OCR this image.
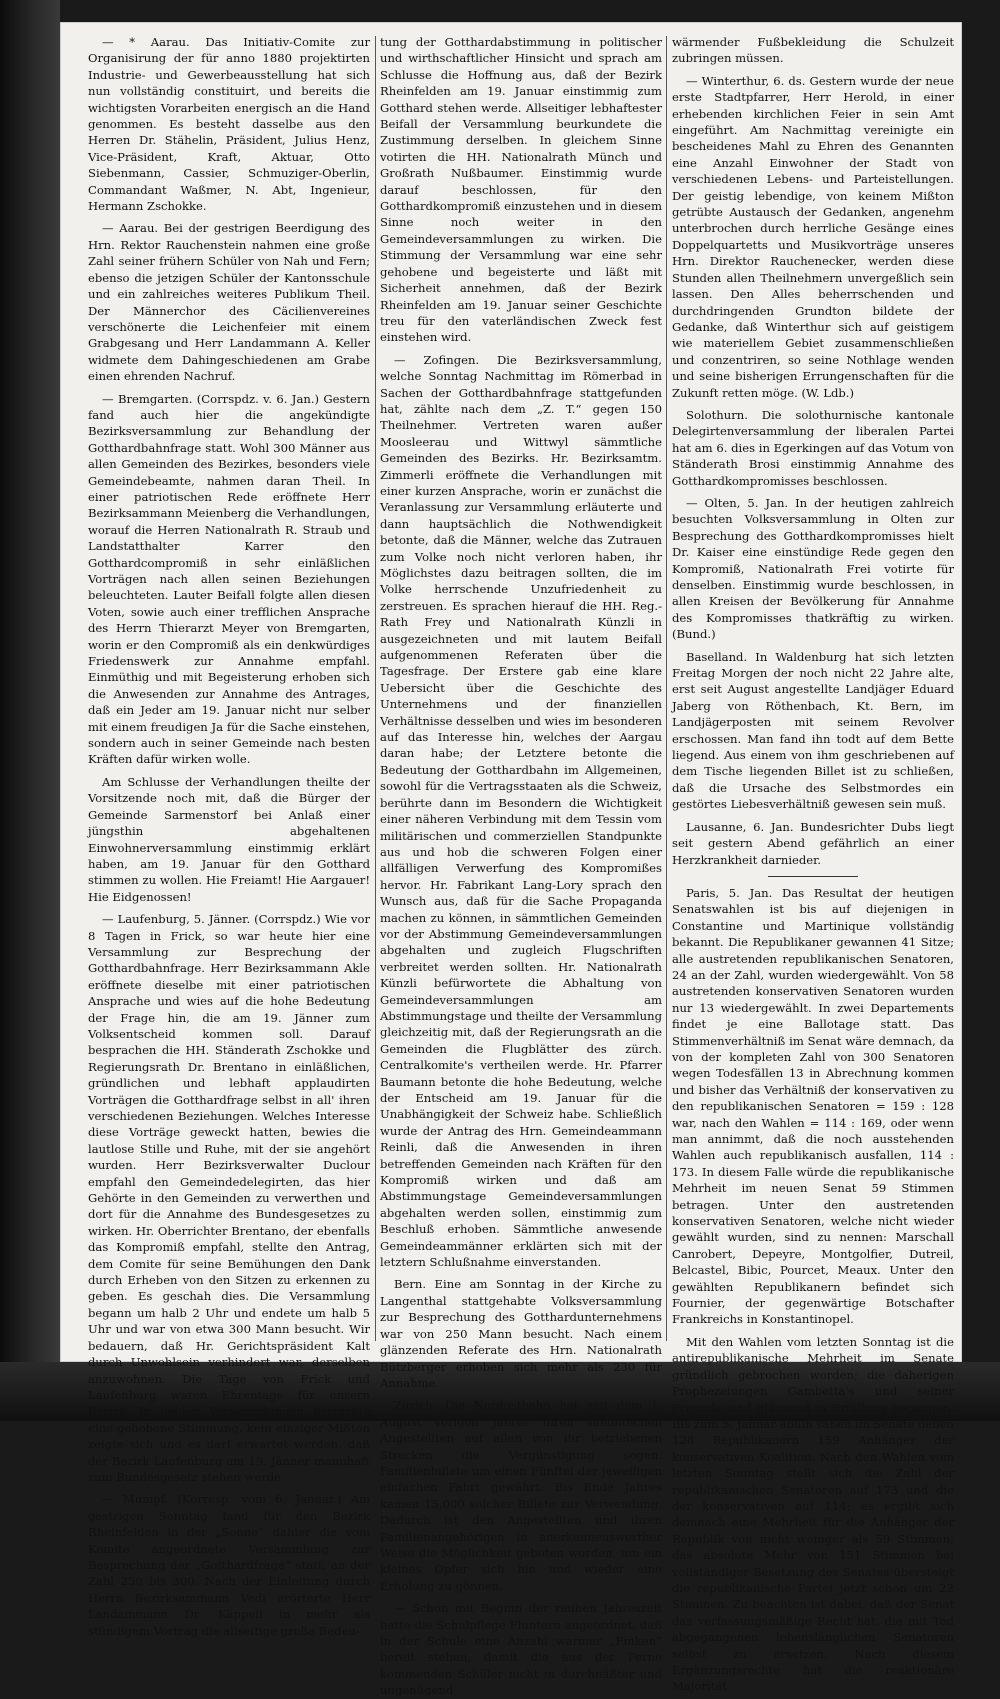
— * Aarau. Das Initiativ-Comite zur Organisirung der für anno 1880 projektirten Industrie- und Gewerbeausstellung hat sich nun vollständig constituirt, und bereits die wichtigsten Vorarbeiten energisch an die Hand genommen. Es besteht dasselbe aus den Herren Dr. Stähelin, Präsident, Julius Henz, Vice-Präsident, Kraft, Aktuar, Otto Siebenmann, Cassier, Schmuziger-Oberlin, Commandant Waßmer, N. Abt, Ingenieur, Hermann Zschokke.

— Aarau. Bei der gestrigen Beerdigung des Hrn. Rektor Rauchenstein nahmen eine große Zahl seiner frühern Schüler von Nah und Fern; ebenso die jetzigen Schüler der Kantonsschule und ein zahlreiches weiteres Publikum Theil. Der Männerchor des Cäcilienvereines verschönerte die Leichenfeier mit einem Grabgesang und Herr Landammann A. Keller widmete dem Dahingeschiedenen am Grabe einen ehrenden Nachruf.

— Bremgarten. (Corrspdz. v. 6. Jan.) Gestern fand auch hier die angekündigte Bezirksversammlung zur Behandlung der Gotthardbahnfrage statt. Wohl 300 Männer aus allen Gemeinden des Bezirkes, besonders viele Gemeindebeamte, nahmen daran Theil. In einer patriotischen Rede eröffnete Herr Bezirksammann Meienberg die Verhandlungen, worauf die Herren Nationalrath R. Straub und Landstatthalter Karrer den Gotthardcompromiß in sehr einläßlichen Vorträgen nach allen seinen Beziehungen beleuchteten. Lauter Beifall folgte allen diesen Voten, sowie auch einer trefflichen Ansprache des Herrn Thierarzt Meyer von Bremgarten, worin er den Compromiß als ein denkwürdiges Friedenswerk zur Annahme empfahl. Einmüthig und mit Begeisterung erhoben sich die Anwesenden zur Annahme des Antrages, daß ein Jeder am 19. Januar nicht nur selber mit einem freudigen Ja für die Sache einstehen, sondern auch in seiner Gemeinde nach besten Kräften dafür wirken wolle.

Am Schlusse der Verhandlungen theilte der Vorsitzende noch mit, daß die Bürger der Gemeinde Sarmenstorf bei Anlaß einer jüngsthin abgehaltenen Einwohnerversammlung einstimmig erklärt haben, am 19. Januar für den Gotthard stimmen zu wollen. Hie Freiamt! Hie Aargauer! Hie Eidgenossen!

— Laufenburg, 5. Jänner. (Corrspdz.) Wie vor 8 Tagen in Frick, so war heute hier eine Versammlung zur Besprechung der Gotthardbahnfrage. Herr Bezirksammann Akle eröffnete dieselbe mit einer patriotischen Ansprache und wies auf die hohe Bedeutung der Frage hin, die am 19. Jänner zum Volksentscheid kommen soll. Darauf besprachen die HH. Ständerath Zschokke und Regierungsrath Dr. Brentano in einläßlichen, gründlichen und lebhaft applaudirten Vorträgen die Gotthardfrage selbst in all' ihren verschiedenen Beziehungen. Welches Interesse diese Vorträge geweckt hatten, bewies die lautlose Stille und Ruhe, mit der sie angehört wurden. Herr Bezirksverwalter Duclour empfahl den Gemeindedelegirten, das hier Gehörte in den Gemeinden zu verwerthen und dort für die Annahme des Bundesgesetzes zu wirken. Hr. Oberrichter Brentano, der ebenfalls das Kompromiß empfahl, stellte den Antrag, dem Comite für seine Bemühungen den Dank durch Erheben von den Sitzen zu erkennen zu geben. Es geschah dies. Die Versammlung begann um halb 2 Uhr und endete um halb 5 Uhr und war von etwa 300 Mann besucht. Wir bedauern, daß Hr. Gerichtspräsident Kalt durch Unwohlsein verhindert war, derselben anzuwohnen. Die Tage von Frick und Laufenburg waren Ehrentage für unsern Bezirk. In beiden Versammlungen herrschte eine gehobene Stimmung, kein einziger Mißton zeigte sich und es darf erwartet werden, daß der Bezirk Laufenburg am 19. Jänner mannhaft zum Bundesgesetz stehen werde.

— Mumpf. (Korresp. vom 6. Januar.) Am gestrigen Sonntag fand für den Bezirk Rheinfelden in der „Sonne“ dahier die vom Komite angeordnete Versammlung zur Besprechung der „Gotthardfrage“ statt, an der Zahl 250 bis 300. Nach der Einleitung durch Herrn Bezirksammann Vedi erörterte Herr Landammann Dr. Käppeli in mehr als stündigem Vortrag die allseitige große Bedeu-

tung der Gotthardabstimmung in politischer und wirthschaftlicher Hinsicht und sprach am Schlusse die Hoffnung aus, daß der Bezirk Rheinfelden am 19. Januar einstimmig zum Gotthard stehen werde. Allseitiger lebhaftester Beifall der Versammlung beurkundete die Zustimmung derselben. In gleichem Sinne votirten die HH. Nationalrath Münch und Großrath Nußbaumer. Einstimmig wurde darauf beschlossen, für den Gotthardkompromiß einzustehen und in diesem Sinne noch weiter in den Gemeindeversammlungen zu wirken. Die Stimmung der Versammlung war eine sehr gehobene und begeisterte und läßt mit Sicherheit annehmen, daß der Bezirk Rheinfelden am 19. Januar seiner Geschichte treu für den vaterländischen Zweck fest einstehen wird.

— Zofingen. Die Bezirksversammlung, welche Sonntag Nachmittag im Römerbad in Sachen der Gotthardbahnfrage stattgefunden hat, zählte nach dem „Z. T.“ gegen 150 Theilnehmer. Vertreten waren außer Moosleerau und Wittwyl sämmtliche Gemeinden des Bezirks. Hr. Bezirksamtm. Zimmerli eröffnete die Verhandlungen mit einer kurzen Ansprache, worin er zunächst die Veranlassung zur Versammlung erläuterte und dann hauptsächlich die Nothwendigkeit betonte, daß die Männer, welche das Zutrauen zum Volke noch nicht verloren haben, ihr Möglichstes dazu beitragen sollten, die im Volke herrschende Unzufriedenheit zu zerstreuen. Es sprachen hierauf die HH. Reg.-Rath Frey und Nationalrath Künzli in ausgezeichneten und mit lautem Beifall aufgenommenen Referaten über die Tagesfrage. Der Erstere gab eine klare Uebersicht über die Geschichte des Unternehmens und der finanziellen Verhältnisse desselben und wies im besonderen auf das Interesse hin, welches der Aargau daran habe; der Letztere betonte die Bedeutung der Gotthardbahn im Allgemeinen, sowohl für die Vertragsstaaten als die Schweiz, berührte dann im Besondern die Wichtigkeit einer näheren Verbindung mit dem Tessin vom militärischen und commerziellen Standpunkte aus und hob die schweren Folgen einer allfälligen Verwerfung des Kompromißes hervor. Hr. Fabrikant Lang-Lory sprach den Wunsch aus, daß für die Sache Propaganda machen zu können, in sämmtlichen Gemeinden vor der Abstimmung Gemeindeversammlungen abgehalten und zugleich Flugschriften verbreitet werden sollten. Hr. Nationalrath Künzli befürwortete die Abhaltung von Gemeindeversammlungen am Abstimmungstage und theilte der Versammlung gleichzeitig mit, daß der Regierungsrath an die Gemeinden die Flugblätter des zürch. Centralkomite's vertheilen werde. Hr. Pfarrer Baumann betonte die hohe Bedeutung, welche der Entscheid am 19. Januar für die Unabhängigkeit der Schweiz habe. Schließlich wurde der Antrag des Hrn. Gemeindeammann Reinli, daß die Anwesenden in ihren betreffenden Gemeinden nach Kräften für den Kompromiß wirken und daß am Abstimmungstage Gemeindeversammlungen abgehalten werden sollen, einstimmig zum Beschluß erhoben. Sämmtliche anwesende Gemeindeammänner erklärten sich mit der letztern Schlußnahme einverstanden.

Bern. Eine am Sonntag in der Kirche zu Langenthal stattgehabte Volksversammlung zur Besprechung des Gotthardunternehmens war von 250 Mann besucht. Nach einem glänzenden Referate des Hrn. Nationalrath Bützberger erhoben sich mehr als 230 für Annahme.

Zürich. Die Nordostbahn hat seit dem 1. August vorigen Jahres ihren sämmtlichen Angestellten auf allen von ihr betriebenen Strecken die Vergünstigung sogen. Familienbillete um einen Fünftel der jeweiligen einfachen Fahrt gewährt. Bis Ende Jahres kamen 15,000 solcher Billete zur Verwendung. Dadurch ist den Angestellten und ihren Familienangehörigen in anerkennenswerther Weise die Möglichkeit geboten worden, um ein kleines Opfer sich hin und wieder eine Erholung zu gönnen.

— Schon mit Beginn der rauhen Jahreszeit hatte die Schulpflege Fluntern angeordnet, daß in der Schule eine Anzahl warmer „Finken“ bereit stehen, damit die aus der Ferne kommenden Schüler nicht in durchnäßter und ungenügend

wärmender Fußbekleidung die Schulzeit zubringen müssen.

— Winterthur, 6. ds. Gestern wurde der neue erste Stadtpfarrer, Herr Herold, in einer erhebenden kirchlichen Feier in sein Amt eingeführt. Am Nachmittag vereinigte ein bescheidenes Mahl zu Ehren des Genannten eine Anzahl Einwohner der Stadt von verschiedenen Lebens- und Parteistellungen. Der geistig lebendige, von keinem Mißton getrübte Austausch der Gedanken, angenehm unterbrochen durch herrliche Gesänge eines Doppelquartetts und Musikvorträge unseres Hrn. Direktor Rauchenecker, werden diese Stunden allen Theilnehmern unvergeßlich sein lassen. Den Alles beherrschenden und durchdringenden Grundton bildete der Gedanke, daß Winterthur sich auf geistigem wie materiellem Gebiet zusammenschließen und conzentriren, so seine Nothlage wenden und seine bisherigen Errungenschaften für die Zukunft retten möge. (W. Ldb.)

Solothurn. Die solothurnische kantonale Delegirtenversammlung der liberalen Partei hat am 6. dies in Egerkingen auf das Votum von Ständerath Brosi einstimmig Annahme des Gotthardkompromisses beschlossen.

— Olten, 5. Jan. In der heutigen zahlreich besuchten Volksversammlung in Olten zur Besprechung des Gotthardkompromisses hielt Dr. Kaiser eine einstündige Rede gegen den Kompromiß, Nationalrath Frei votirte für denselben. Einstimmig wurde beschlossen, in allen Kreisen der Bevölkerung für Annahme des Kompromisses thatkräftig zu wirken. (Bund.)

Baselland. In Waldenburg hat sich letzten Freitag Morgen der noch nicht 22 Jahre alte, erst seit August angestellte Landjäger Eduard Jaberg von Röthenbach, Kt. Bern, im Landjägerposten mit seinem Revolver erschossen. Man fand ihn todt auf dem Bette liegend. Aus einem von ihm geschriebenen auf dem Tische liegenden Billet ist zu schließen, daß die Ursache des Selbstmordes ein gestörtes Liebesverhältniß gewesen sein muß.

Lausanne, 6. Jan. Bundesrichter Dubs liegt seit gestern Abend gefährlich an einer Herzkrankheit darnieder.

Paris, 5. Jan. Das Resultat der heutigen Senatswahlen ist bis auf diejenigen in Constantine und Martinique vollständig bekannt. Die Republikaner gewannen 41 Sitze; alle austretenden republikanischen Senatoren, 24 an der Zahl, wurden wiedergewählt. Von 58 austretenden konservativen Senatoren wurden nur 13 wiedergewählt. In zwei Departements findet je eine Ballotage statt. Das Stimmenverhältniß im Senat wäre demnach, da von der kompleten Zahl von 300 Senatoren wegen Todesfällen 13 in Abrechnung kommen und bisher das Verhältniß der konservativen zu den republikanischen Senatoren = 159 : 128 war, nach den Wahlen = 114 : 169, oder wenn man annimmt, daß die noch ausstehenden Wahlen auch republikanisch ausfallen, 114 : 173. In diesem Falle würde die republikanische Mehrheit im neuen Senat 59 Stimmen betragen. Unter den austretenden konservativen Senatoren, welche nicht wieder gewählt wurden, sind zu nennen: Marschall Canrobert, Depeyre, Montgolfier, Dutreil, Belcastel, Bibic, Pourcet, Meaux. Unter den gewählten Republikanern befindet sich Fournier, der gegenwärtige Botschafter Frankreichs in Konstantinopel.

Mit den Wahlen vom letzten Sonntag ist die antirepublikanische Mehrheit im Senate gründlich gebrochen worden; die daherigen Prophezeiungen Gambetta's und seiner Freunde sind glänzend in Erfüllung gegangen. Bis zum 5. Januar abhin saßen im Senate neben 128 Republikanern 159 Anhänger der konservativen Koalition. Nach den Wahlen vom letzten Sonntag stellt sich die Zahl der republikanischen Senatoren auf 173 und die der konservativen auf 114; es ergibt sich demnach eine Mehrheit für die Anhänger der Republik von nicht weniger als 59 Stimmen; das absolute Mehr von 151 Stimmen bei vollständiger Besetzung des Senates übersteigt die republikanische Partei jetzt schon um 22 Stimmen. Zu beachten ist dabei, daß der Senat das verfassungsmäßige Recht hat, die mit Tod abgegangenen lebenslänglichen Senatoren selbst zu ersetzen. Nach diesem Ergänzungsrechte hat die reaktionäre Majorität
